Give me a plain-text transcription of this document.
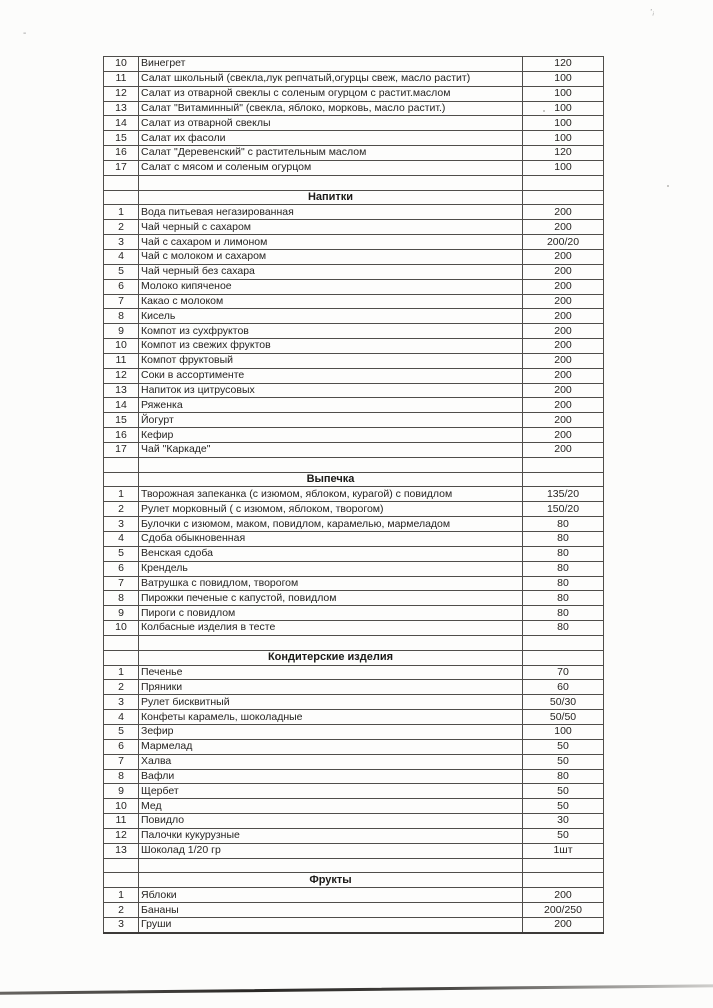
ʼᵢ
-
10	Винегрет	120
11	Салат школьный (свекла,лук репчатый,огурцы свеж, масло растит)	100
12	Салат из отварной свеклы с соленым огурцом с растит.маслом	100
13	Салат "Витаминный" (свекла, яблоко, морковь, масло растит.)	100
14	Салат из отварной свеклы	100
15	Салат их фасоли	100
16	Салат "Деревенский" с растительным маслом	120
17	Салат с мясом и соленым огурцом	100

	Напитки	
1	Вода питьевая негазированная	200
2	Чай черный с сахаром	200
3	Чай с сахаром и лимоном	200/20
4	Чай с молоком и сахаром	200
5	Чай черный без сахара	200
6	Молоко кипяченое	200
7	Какао с молоком	200
8	Кисель	200
9	Компот из сухфруктов	200
10	Компот из свежих фруктов	200
11	Компот фруктовый	200
12	Соки в ассортименте	200
13	Напиток из цитрусовых	200
14	Ряженка	200
15	Йогурт	200
16	Кефир	200
17	Чай "Каркаде"	200

	Выпечка	
1	Творожная запеканка (с изюмом, яблоком, курагой) с повидлом	135/20
2	Рулет морковный ( с изюмом, яблоком, творогом)	150/20
3	Булочки с изюмом, маком, повидлом, карамелью, мармеладом	80
4	Сдоба обыкновенная	80
5	Венская сдоба	80
6	Крендель	80
7	Ватрушка с повидлом, творогом	80
8	Пирожки печеные с капустой, повидлом	80
9	Пироги с повидлом	80
10	Колбасные изделия в тесте	80

	Кондитерские изделия	
1	Печенье	70
2	Пряники	60
3	Рулет бисквитный	50/30
4	Конфеты карамель, шоколадные	50/50
5	Зефир	100
6	Мармелад	50
7	Халва	50
8	Вафли	80
9	Щербет	50
10	Мед	50
11	Повидло	30
12	Палочки кукурузные	50
13	Шоколад 1/20 гр	1шт

	Фрукты	
1	Яблоки	200
2	Бананы	200/250
3	Груши	200
